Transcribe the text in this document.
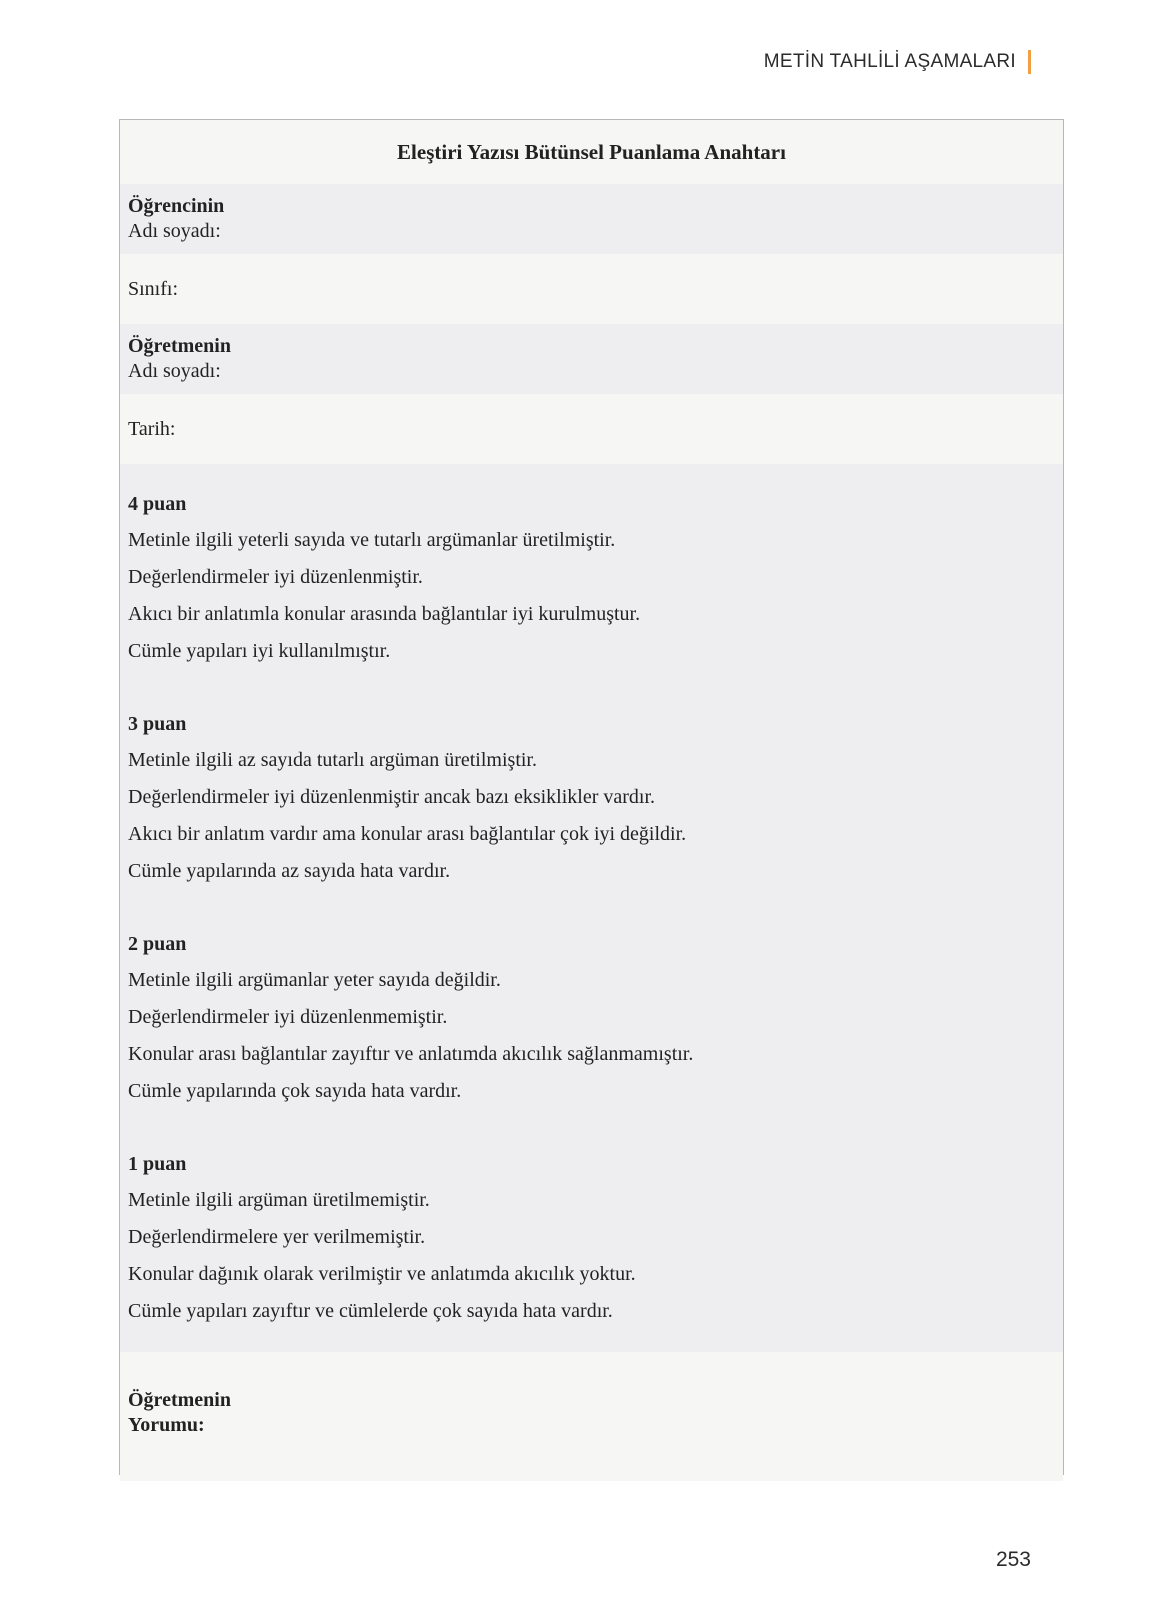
METİN TAHLİLİ AŞAMALARI
Eleştiri Yazısı Bütünsel Puanlama Anahtarı
Öğrencinin
Adı soyadı:
Sınıfı:
Öğretmenin
Adı soyadı:
Tarih:
4 puan
Metinle ilgili yeterli sayıda ve tutarlı argümanlar üretilmiştir.
Değerlendirmeler iyi düzenlenmiştir.
Akıcı bir anlatımla konular arasında bağlantılar iyi kurulmuştur.
Cümle yapıları iyi kullanılmıştır.
3 puan
Metinle ilgili az sayıda tutarlı argüman üretilmiştir.
Değerlendirmeler iyi düzenlenmiştir ancak bazı eksiklikler vardır.
Akıcı bir anlatım vardır ama konular arası bağlantılar çok iyi değildir.
Cümle yapılarında az sayıda hata vardır.
2 puan
Metinle ilgili argümanlar yeter sayıda değildir.
Değerlendirmeler iyi düzenlenmemiştir.
Konular arası bağlantılar zayıftır ve anlatımda akıcılık sağlanmamıştır.
Cümle yapılarında çok sayıda hata vardır.
1 puan
Metinle ilgili argüman üretilmemiştir.
Değerlendirmelere yer verilmemiştir.
Konular dağınık olarak verilmiştir ve anlatımda akıcılık yoktur.
Cümle yapıları zayıftır ve cümlelerde çok sayıda hata vardır.
Öğretmenin
Yorumu:
253
